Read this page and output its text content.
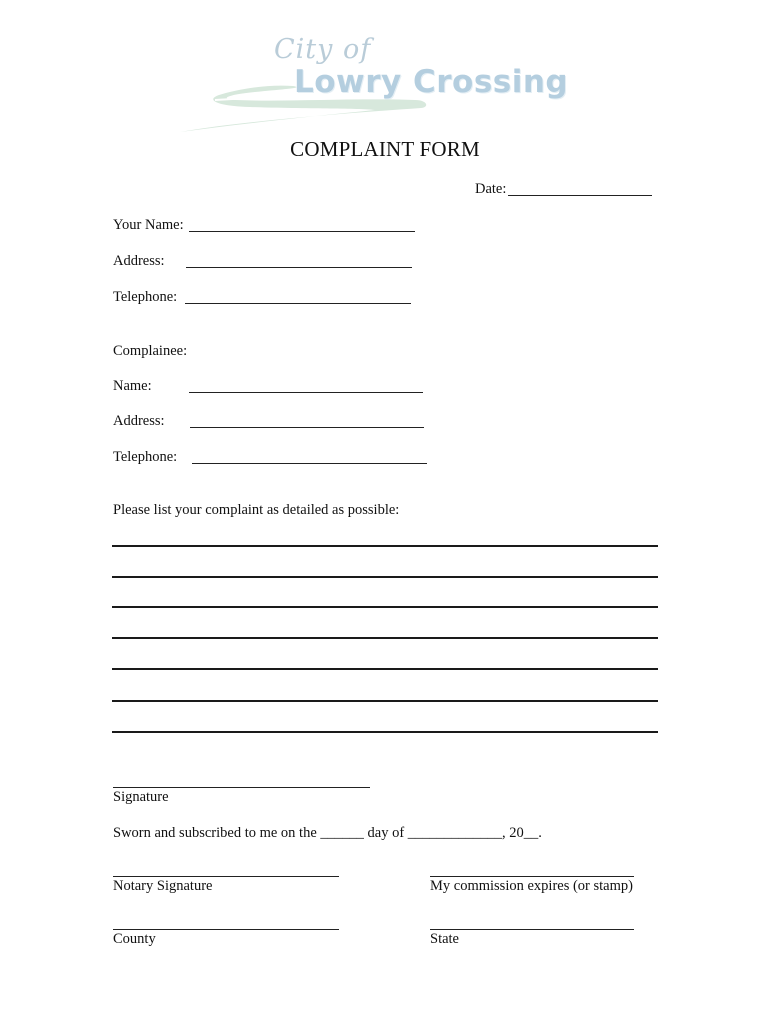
City of
Lowry Crossing
COMPLAINT FORM
Date:
Your Name:
Address:
Telephone:
Complainee:
Name:
Address:
Telephone:
Please list your complaint as detailed as possible:
Signature
Sworn and subscribed to me on the ______ day of _____________, 20__.
Notary Signature	My commission expires (or stamp)
County	State
